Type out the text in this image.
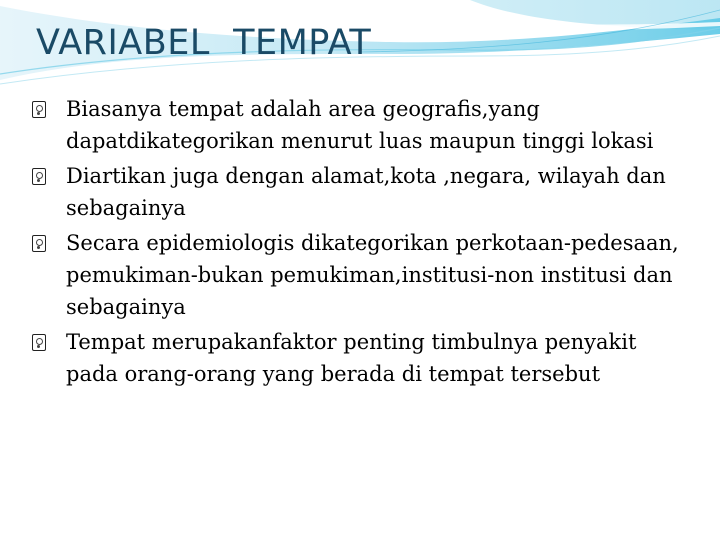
VARIABEL  TEMPAT
Biasanya tempat adalah area geografis,yang dapatdikategorikan menurut luas maupun tinggi lokasi
Diartikan juga dengan alamat,kota ,negara, wilayah dan sebagainya
Secara epidemiologis dikategorikan perkotaan-pedesaan, pemukiman-bukan pemukiman,institusi-non institusi dan sebagainya
Tempat merupakanfaktor penting timbulnya penyakit pada orang-orang yang berada di tempat tersebut
